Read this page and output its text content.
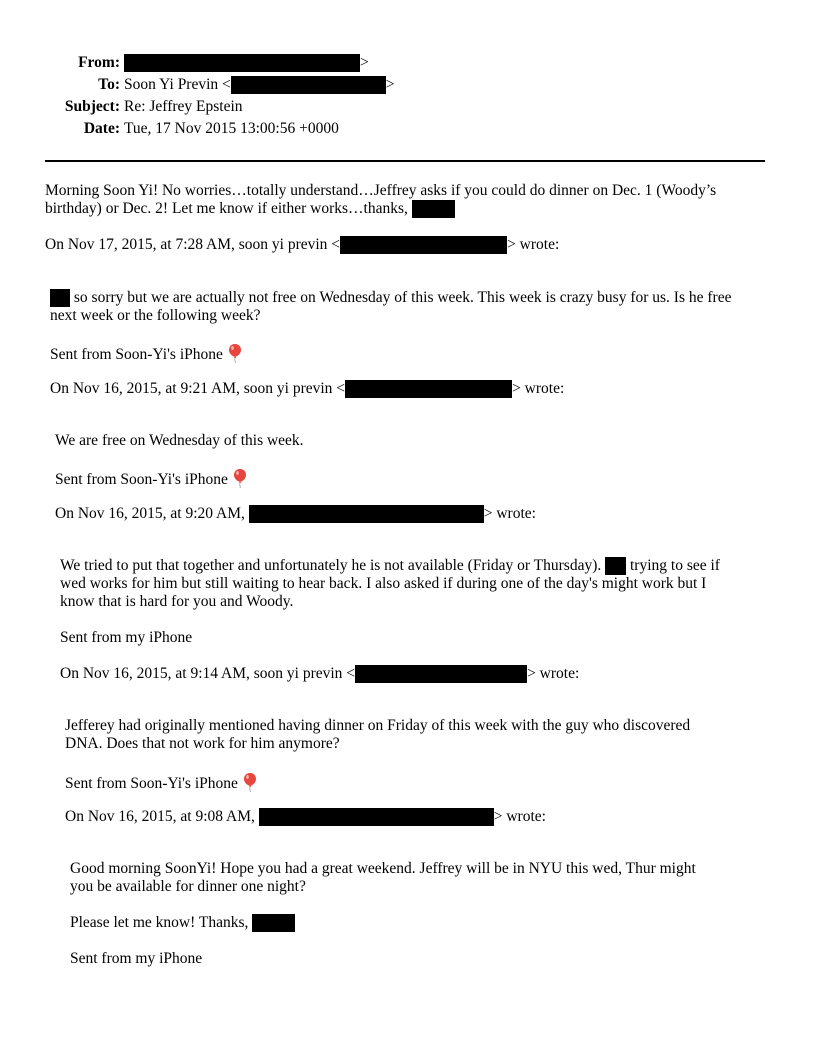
From:	>
To: Soon Yi Previn <	>
Subject: Re: Jeffrey Epstein
Date: Tue, 17 Nov 2015 13:00:56 +0000
Morning Soon Yi! No worries…totally understand…Jeffrey asks if you could do dinner on Dec. 1 (Woody’s
birthday) or Dec. 2! Let me know if either works…thanks,
On Nov 17, 2015, at 7:28 AM, soon yi previn <	> wrote:
so sorry but we are actually not free on Wednesday of this week. This week is crazy busy for us. Is he free
next week or the following week?
Sent from Soon-Yi's iPhone
On Nov 16, 2015, at 9:21 AM, soon yi previn <	> wrote:
We are free on Wednesday of this week.
Sent from Soon-Yi's iPhone
On Nov 16, 2015, at 9:20 AM,	> wrote:
We tried to put that together and unfortunately he is not available (Friday or Thursday). trying to see if
wed works for him but still waiting to hear back. I also asked if during one of the day's might work but I
know that is hard for you and Woody.
Sent from my iPhone
On Nov 16, 2015, at 9:14 AM, soon yi previn <	> wrote:
Jefferey had originally mentioned having dinner on Friday of this week with the guy who discovered
DNA. Does that not work for him anymore?
Sent from Soon-Yi's iPhone
On Nov 16, 2015, at 9:08 AM,	> wrote:
Good morning SoonYi! Hope you had a great weekend. Jeffrey will be in NYU this wed, Thur might
you be available for dinner one night?
Please let me know! Thanks,
Sent from my iPhone
